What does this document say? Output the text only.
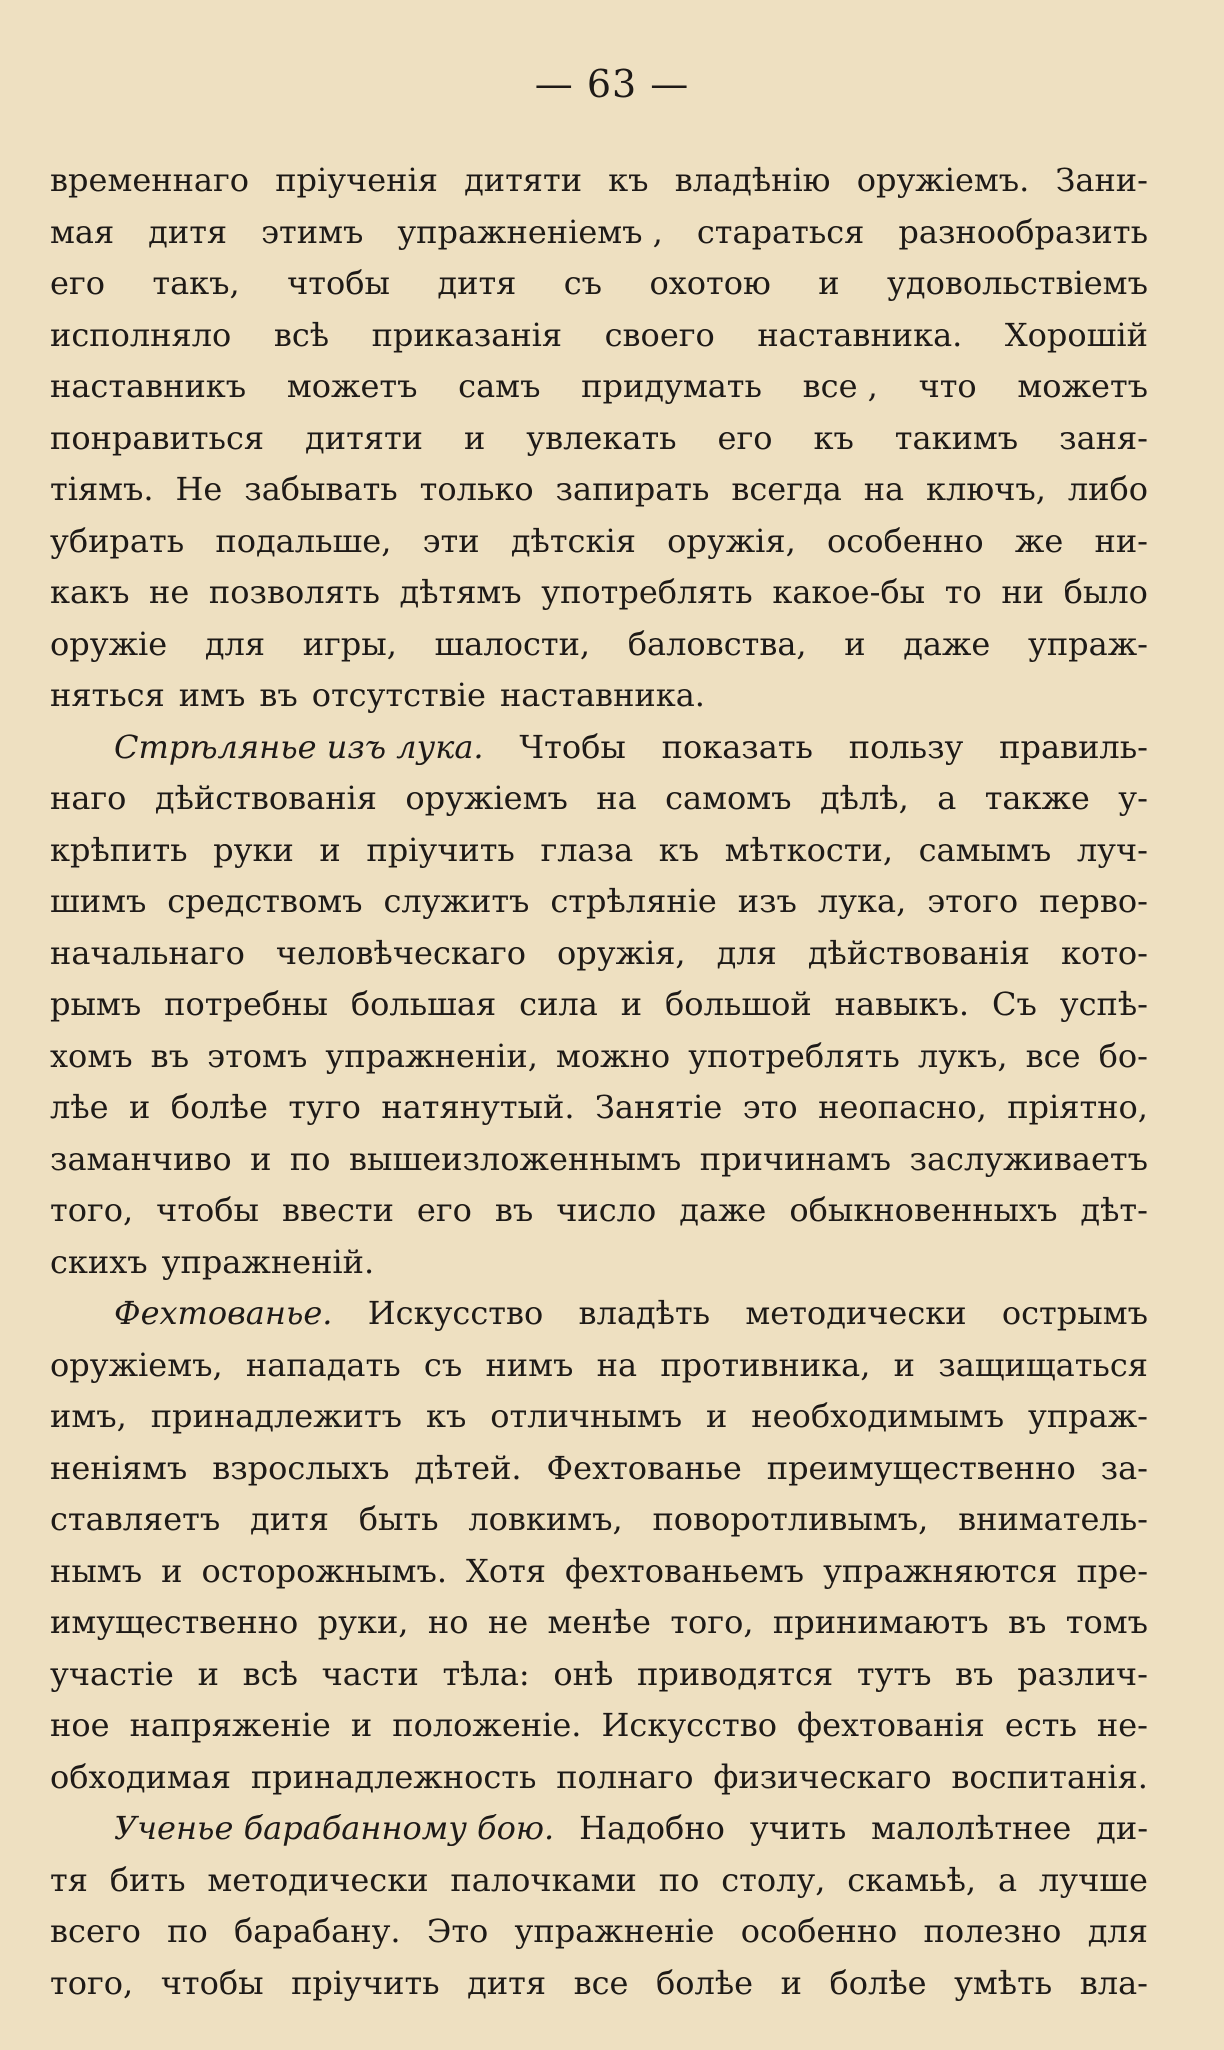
— 63 —
временнаго пріученія дитяти къ владѣнію оружіемъ. Зани-
мая дитя этимъ упражненіемъ , стараться разнообразить
его такъ, чтобы дитя съ охотою и удовольствіемъ
исполняло всѣ приказанія своего наставника. Хорошій
наставникъ можетъ самъ придумать все , что можетъ
понравиться дитяти и увлекать его къ такимъ заня-
тіямъ. Не забывать только запирать всегда на ключъ, либо
убирать подальше, эти дѣтскія оружія, особенно же ни-
какъ не позволять дѣтямъ употреблять какое-бы то ни было
оружіе для игры, шалости, баловства, и даже упраж-
няться имъ въ отсутствіе наставника.
Стрѣлянье изъ лука. Чтобы показать пользу правиль-
наго дѣйствованія оружіемъ на самомъ дѣлѣ, а также у-
крѣпить руки и пріучить глаза къ мѣткости, самымъ луч-
шимъ средствомъ служитъ стрѣляніе изъ лука, этого перво-
начальнаго человѣческаго оружія, для дѣйствованія кото-
рымъ потребны большая сила и большой навыкъ. Съ успѣ-
хомъ въ этомъ упражненіи, можно употреблять лукъ, все бо-
лѣе и болѣе туго натянутый. Занятіе это неопасно, пріятно,
заманчиво и по вышеизложеннымъ причинамъ заслуживаетъ
того, чтобы ввести его въ число даже обыкновенныхъ дѣт-
скихъ упражненій.
Фехтованье. Искусство владѣть методически острымъ
оружіемъ, нападать съ нимъ на противника, и защищаться
имъ, принадлежитъ къ отличнымъ и необходимымъ упраж-
неніямъ взрослыхъ дѣтей. Фехтованье преимущественно за-
ставляетъ дитя быть ловкимъ, поворотливымъ, вниматель-
нымъ и осторожнымъ. Хотя фехтованьемъ упражняются пре-
имущественно руки, но не менѣе того, принимаютъ въ томъ
участіе и всѣ части тѣла: онѣ приводятся тутъ въ различ-
ное напряженіе и положеніе. Искусство фехтованія есть не-
обходимая принадлежность полнаго физическаго воспитанія.
Ученье барабанному бою. Надобно учить малолѣтнее ди-
тя бить методически палочками по столу, скамьѣ, а лучше
всего по барабану. Это упражненіе особенно полезно для
того, чтобы пріучить дитя все болѣе и болѣе умѣть вла-
